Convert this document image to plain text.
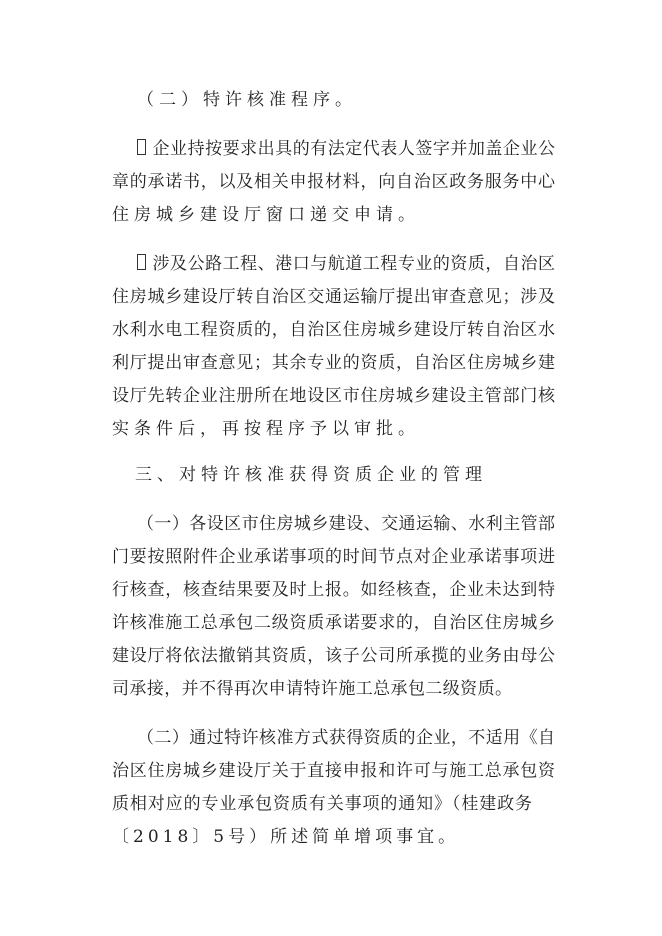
（二）特许核准程序。
企业持按要求出具的有法定代表人签字并加盖企业公
章的承诺书，以及相关申报材料，向自治区政务服务中心
住房城乡建设厅窗口递交申请。
涉及公路工程、港口与航道工程专业的资质，自治区
住房城乡建设厅转自治区交通运输厅提出审查意见；涉及
水利水电工程资质的，自治区住房城乡建设厅转自治区水
利厅提出审查意见；其余专业的资质，自治区住房城乡建
设厅先转企业注册所在地设区市住房城乡建设主管部门核
实条件后，再按程序予以审批。
三、对特许核准获得资质企业的管理
（一）各设区市住房城乡建设、交通运输、水利主管部
门要按照附件企业承诺事项的时间节点对企业承诺事项进
行核查，核查结果要及时上报。如经核查，企业未达到特
许核准施工总承包二级资质承诺要求的，自治区住房城乡
建设厅将依法撤销其资质，该子公司所承揽的业务由母公
司承接，并不得再次申请特许施工总承包二级资质。
（二）通过特许核准方式获得资质的企业，不适用《自
治区住房城乡建设厅关于直接申报和许可与施工总承包资
质相对应的专业承包资质有关事项的通知》（桂建政务
〔2018〕5号）所述简单增项事宜。
